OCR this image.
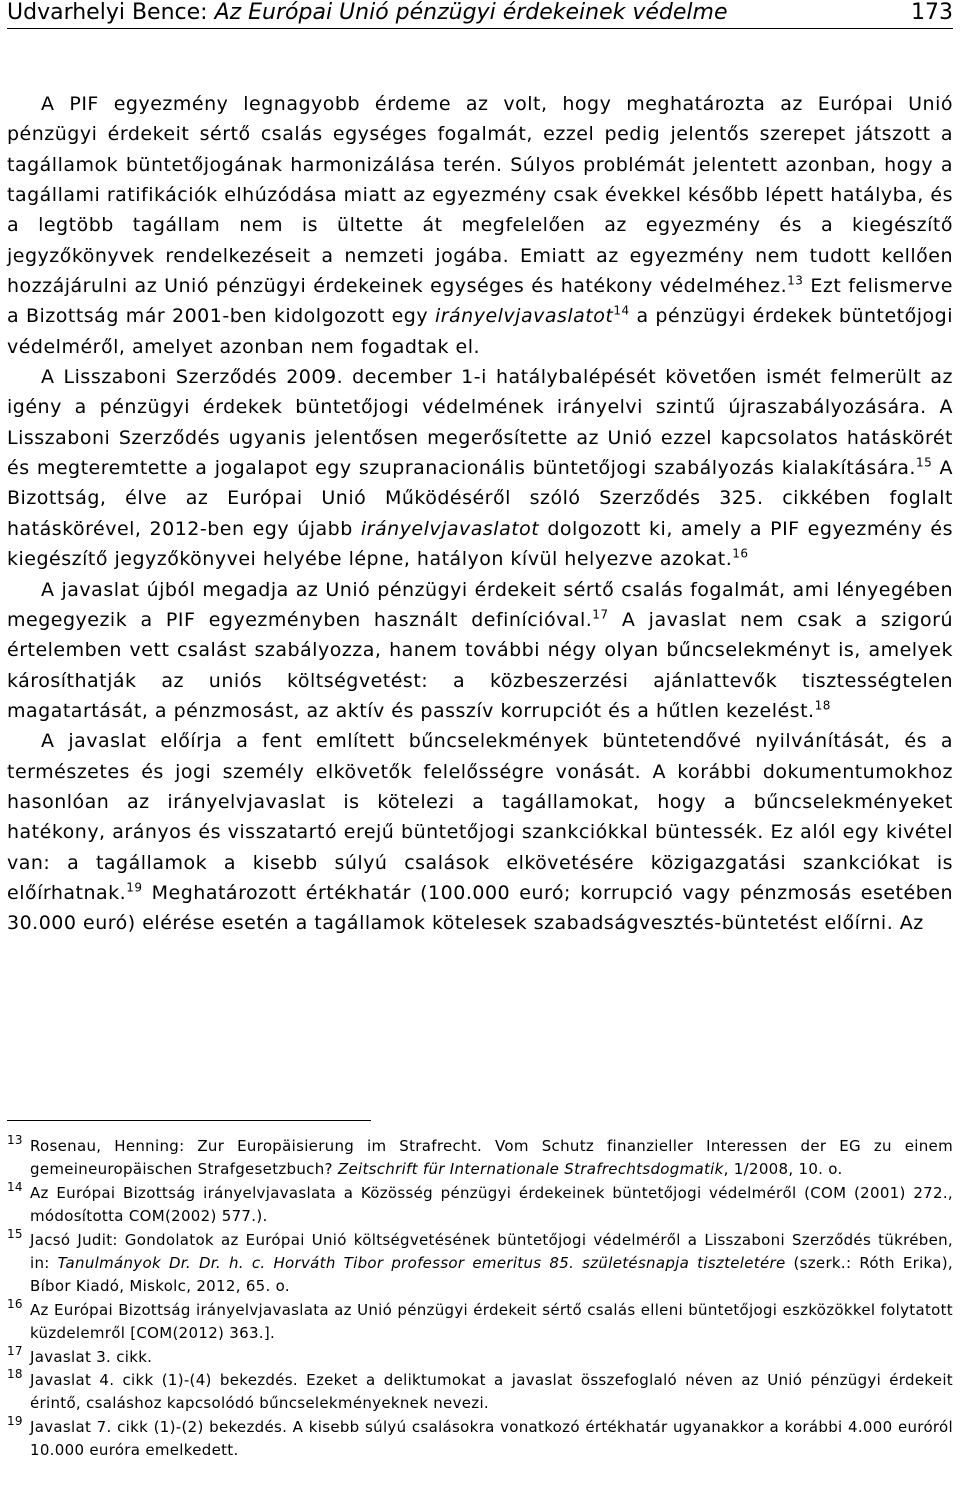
Udvarhelyi Bence: Az Európai Unió pénzügyi érdekeinek védelme	173

A PIF egyezmény legnagyobb érdeme az volt, hogy meghatározta az Európai Unió pénzügyi érdekeit sértő csalás egységes fogalmát, ezzel pedig jelentős szerepet játszott a tagállamok büntetőjogának harmonizálása terén. Súlyos problémát jelentett azonban, hogy a tagállami ratifikációk elhúzódása miatt az egyezmény csak évekkel később lépett hatályba, és a legtöbb tagállam nem is ültette át megfelelően az egyezmény és a kiegészítő jegyzőkönyvek rendelkezéseit a nemzeti jogába. Emiatt az egyezmény nem tudott kellően hozzájárulni az Unió pénzügyi érdekeinek egységes és hatékony védelméhez.$^{13}$ Ezt felismerve a Bizottság már 2001-ben kidolgozott egy irányelvjavaslatot$^{14}$ a pénzügyi érdekek büntetőjogi védelméről, amelyet azonban nem fogadtak el.

A Lisszaboni Szerződés 2009. december 1-i hatálybalépését követően ismét felmerült az igény a pénzügyi érdekek büntetőjogi védelmének irányelvi szintű újraszabályozására. A Lisszaboni Szerződés ugyanis jelentősen megerősítette az Unió ezzel kapcsolatos hatáskörét és megteremtette a jogalapot egy szupranacionális büntetőjogi szabályozás kialakítására.$^{15}$ A Bizottság, élve az Európai Unió Működéséről szóló Szerződés 325. cikkében foglalt hatáskörével, 2012-ben egy újabb irányelvjavaslatot dolgozott ki, amely a PIF egyezmény és kiegészítő jegyzőkönyvei helyébe lépne, hatályon kívül helyezve azokat.$^{16}$

A javaslat újból megadja az Unió pénzügyi érdekeit sértő csalás fogalmát, ami lényegében megegyezik a PIF egyezményben használt definícióval.$^{17}$ A javaslat nem csak a szigorú értelemben vett csalást szabályozza, hanem további négy olyan bűncselekményt is, amelyek károsíthatják az uniós költségvetést: a közbeszerzési ajánlattevők tisztességtelen magatartását, a pénzmosást, az aktív és passzív korrupciót és a hűtlen kezelést.$^{18}$

A javaslat előírja a fent említett bűncselekmények büntetendővé nyilvánítását, és a természetes és jogi személy elkövetők felelősségre vonását. A korábbi dokumentumokhoz hasonlóan az irányelvjavaslat is kötelezi a tagállamokat, hogy a bűncselekményeket hatékony, arányos és visszatartó erejű büntetőjogi szankciókkal büntessék. Ez alól egy kivétel van: a tagállamok a kisebb súlyú csalások elkövetésére közigazgatási szankciókat is előírhatnak.$^{19}$ Meghatározott értékhatár (100.000 euró; korrupció vagy pénzmosás esetében 30.000 euró) elérése esetén a tagállamok kötelesek szabadságvesztés-büntetést előírni. Az

13 Rosenau, Henning: Zur Europäisierung im Strafrecht. Vom Schutz finanzieller Interessen der EG zu einem gemeineuropäischen Strafgesetzbuch? Zeitschrift für Internationale Strafrechtsdogmatik, 1/2008, 10. o.
14 Az Európai Bizottság irányelvjavaslata a Közösség pénzügyi érdekeinek büntetőjogi védelméről (COM (2001) 272., módosította COM(2002) 577.).
15 Jacsó Judit: Gondolatok az Európai Unió költségvetésének büntetőjogi védelméről a Lisszaboni Szerződés tükrében, in: Tanulmányok Dr. Dr. h. c. Horváth Tibor professor emeritus 85. születésnapja tiszteletére (szerk.: Róth Erika), Bíbor Kiadó, Miskolc, 2012, 65. o.
16 Az Európai Bizottság irányelvjavaslata az Unió pénzügyi érdekeit sértő csalás elleni büntetőjogi eszközökkel folytatott küzdelemről [COM(2012) 363.].
17 Javaslat 3. cikk.
18 Javaslat 4. cikk (1)-(4) bekezdés. Ezeket a deliktumokat a javaslat összefoglaló néven az Unió pénzügyi érdekeit érintő, csaláshoz kapcsolódó bűncselekményeknek nevezi.
19 Javaslat 7. cikk (1)-(2) bekezdés. A kisebb súlyú csalásokra vonatkozó értékhatár ugyanakkor a korábbi 4.000 euróról 10.000 euróra emelkedett.
